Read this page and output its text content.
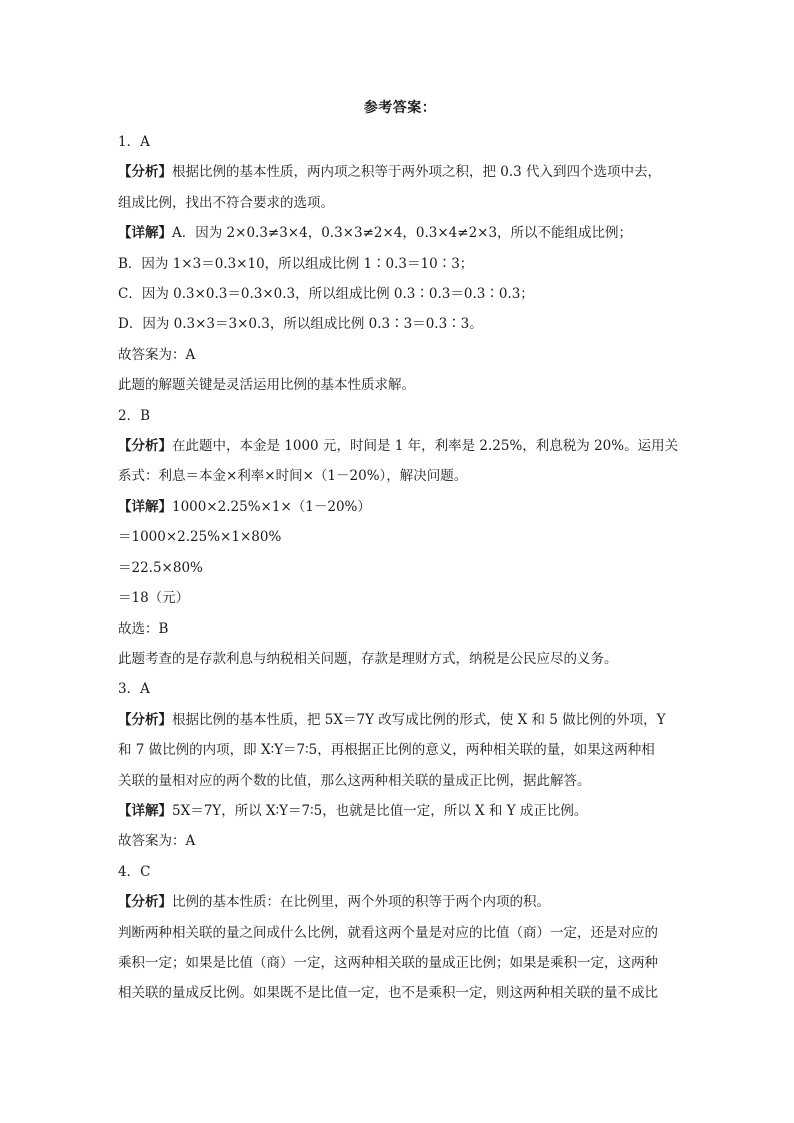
参考答案：
1．A
【分析】根据比例的基本性质，两内项之积等于两外项之积，把 0.3 代入到四个选项中去，
组成比例，找出不符合要求的选项。
【详解】A．因为 2×0.3≠3×4，0.3×3≠2×4，0.3×4≠2×3，所以不能组成比例；
B．因为 1×3＝0.3×10，所以组成比例 1∶0.3＝10∶3；
C．因为 0.3×0.3＝0.3×0.3，所以组成比例 0.3∶0.3＝0.3∶0.3；
D．因为 0.3×3＝3×0.3，所以组成比例 0.3∶3＝0.3∶3。
故答案为：A
此题的解题关键是灵活运用比例的基本性质求解。
2．B
【分析】在此题中，本金是 1000 元，时间是 1 年，利率是 2.25%，利息税为 20%。运用关
系式：利息＝本金×利率×时间×（1－20%），解决问题。
【详解】1000×2.25%×1×（1－20%）
＝1000×2.25%×1×80%
＝22.5×80%
＝18（元）
故选：B
此题考查的是存款利息与纳税相关问题，存款是理财方式，纳税是公民应尽的义务。
3．A
【分析】根据比例的基本性质，把 5X＝7Y 改写成比例的形式，使 X 和 5 做比例的外项，Y
和 7 做比例的内项，即 X∶Y＝7∶5，再根据正比例的意义，两种相关联的量，如果这两种相
关联的量相对应的两个数的比值，那么这两种相关联的量成正比例，据此解答。
【详解】5X＝7Y，所以 X∶Y＝7∶5，也就是比值一定，所以 X 和 Y 成正比例。
故答案为：A
4．C
【分析】比例的基本性质：在比例里，两个外项的积等于两个内项的积。
判断两种相关联的量之间成什么比例，就看这两个量是对应的比值（商）一定，还是对应的
乘积一定；如果是比值（商）一定，这两种相关联的量成正比例；如果是乘积一定，这两种
相关联的量成反比例。如果既不是比值一定，也不是乘积一定，则这两种相关联的量不成比
